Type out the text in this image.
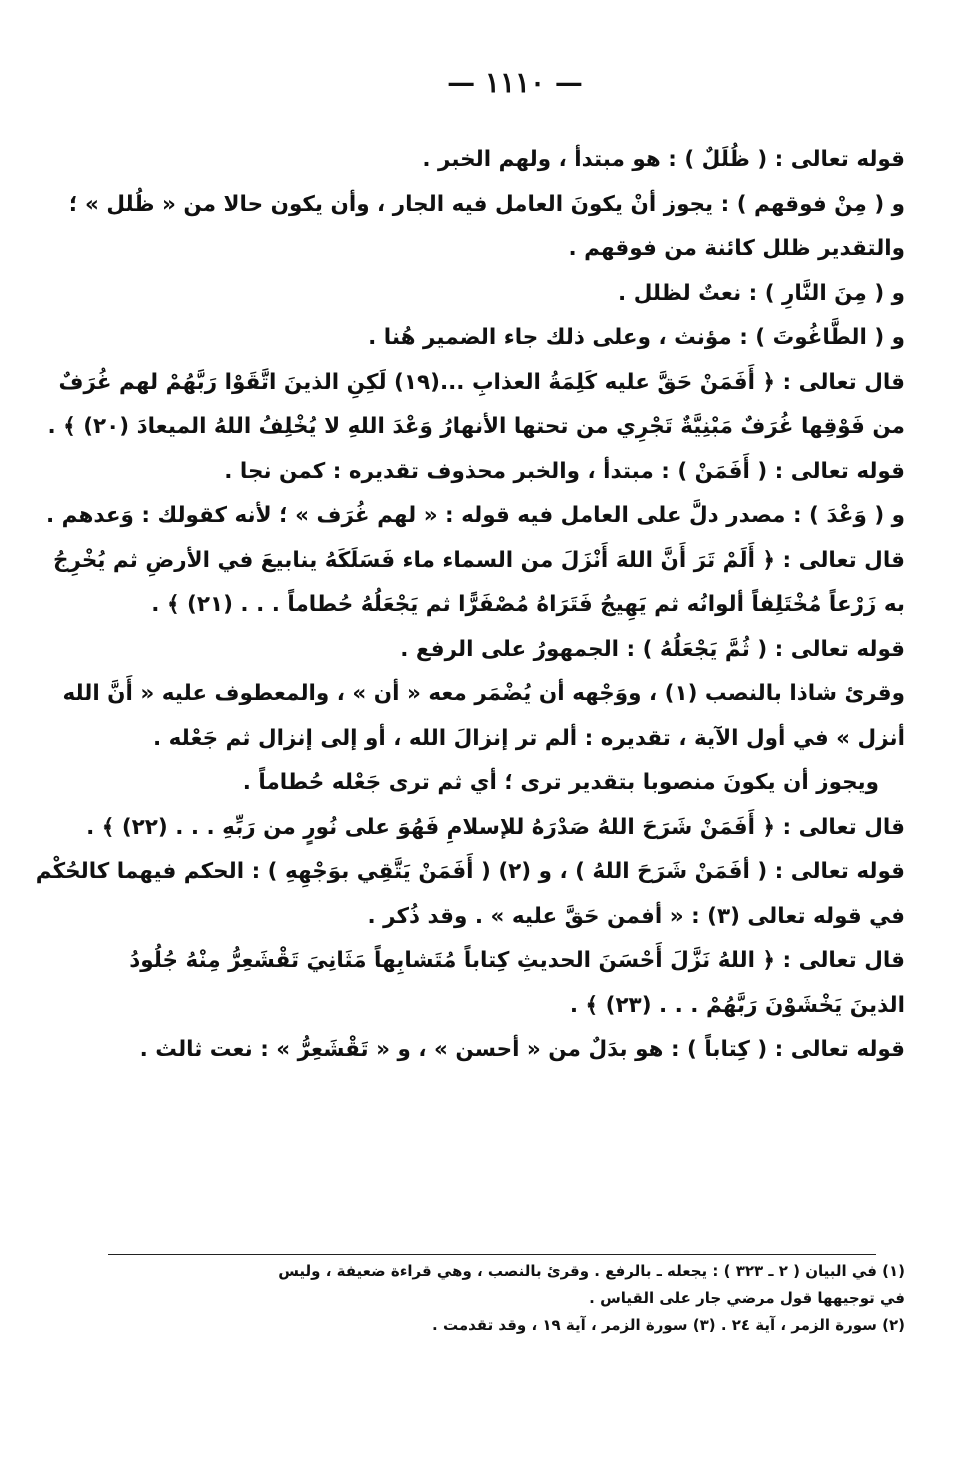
— ١١١٠ —
قوله تعالى : ( ظُلَلٌ ) : هو مبتدأ ، ولهم الخبر .
و ( مِنْ فوقهم ) : يجوز أنْ يكونَ العامل فيه الجار ، وأن يكون حالا من « ظُلل » ؛
والتقدير ظلل كائنة من فوقهم .
و ( مِنَ النَّارِ ) : نعتٌ لظلل .
و ( الطَّاغُوتَ ) : مؤنث ، وعلى ذلك جاء الضمير هُنا .
قال تعالى : ﴿ أَفَمَنْ حَقَّ عليه كَلِمَةُ العذابِ ...(١٩) لَكِنِ الذينَ اتَّقَوْا رَبَّهُمْ لهم غُرَفٌ
من فَوْقِها غُرَفٌ مَبْنِيَّةٌ تَجْرِي من تحتها الأنهارُ وَعْدَ اللهِ لا يُخْلِفُ اللهُ الميعادَ (٢٠) ﴾ .
قوله تعالى : ( أَفَمَنْ ) : مبتدأ ، والخبر محذوف تقديره : كمن نجا .
و ( وَعْدَ ) : مصدر دلَّ على العامل فيه قوله : « لهم غُرَف » ؛ لأنه كقولك : وَعدهم .
قال تعالى : ﴿ أَلَمْ تَرَ أَنَّ اللهَ أَنْزَلَ من السماء ماء فَسَلَكَهُ ينابيعَ في الأرضِ ثم يُخْرِجُ
به زَرْعاً مُخْتَلِفاً ألوانُه ثم يَهِيجُ فَتَرَاهُ مُصْفَرًّا ثم يَجْعَلُهُ حُطاماً . . . (٢١) ﴾ .
قوله تعالى : ( ثُمَّ يَجْعَلُهُ ) : الجمهورُ على الرفع .
وقرئ شاذا بالنصب (١) ، ووَجْهه أن يُضْمَر معه « أن » ، والمعطوف عليه « أَنَّ الله
أنزل » في أول الآية ، تقديره : ألم تر إنزالَ الله ، أو إلى إنزال ثم جَعْله .
ويجوز أن يكونَ منصوبا بتقدير ترى ؛ أي ثم ترى جَعْله حُطاماً .
قال تعالى : ﴿ أَفَمَنْ شَرَحَ اللهُ صَدْرَهُ للإسلامِ فَهُوَ على نُورٍ من رَبِّهِ . . . (٢٢) ﴾ .
قوله تعالى : ( أفَمَنْ شَرَحَ اللهُ ) ، و (٢) ( أَفَمَنْ يَتَّقِي بوَجْهِهِ ) : الحكم فيهما كالحُكْم
في قوله تعالى (٣) : « أفمن حَقَّ عليه » . وقد ذُكر .
قال تعالى : ﴿ اللهُ نَزَّلَ أَحْسَنَ الحديثِ كِتاباً مُتَشابِهاً مَثَانِيَ تَقْشَعِرُّ مِنْهُ جُلُودُ
الذينَ يَخْشَوْنَ رَبَّهُمْ . . . (٢٣) ﴾ .
قوله تعالى : ( كِتاباً ) : هو بدَلٌ من « أحسن » ، و « تَقْشَعِرُّ » : نعت ثالث .
(١) في البيان ( ٢ ـ ٣٢٣ ) : يجعله ـ بالرفع . وقرئ بالنصب ، وهي قراءة ضعيفة ، وليس
في توجيهها قول مرضي جار على القياس .
(٢) سورة الزمر ، آية ٢٤ . (٣) سورة الزمر ، آية ١٩ ، وقد تقدمت .
